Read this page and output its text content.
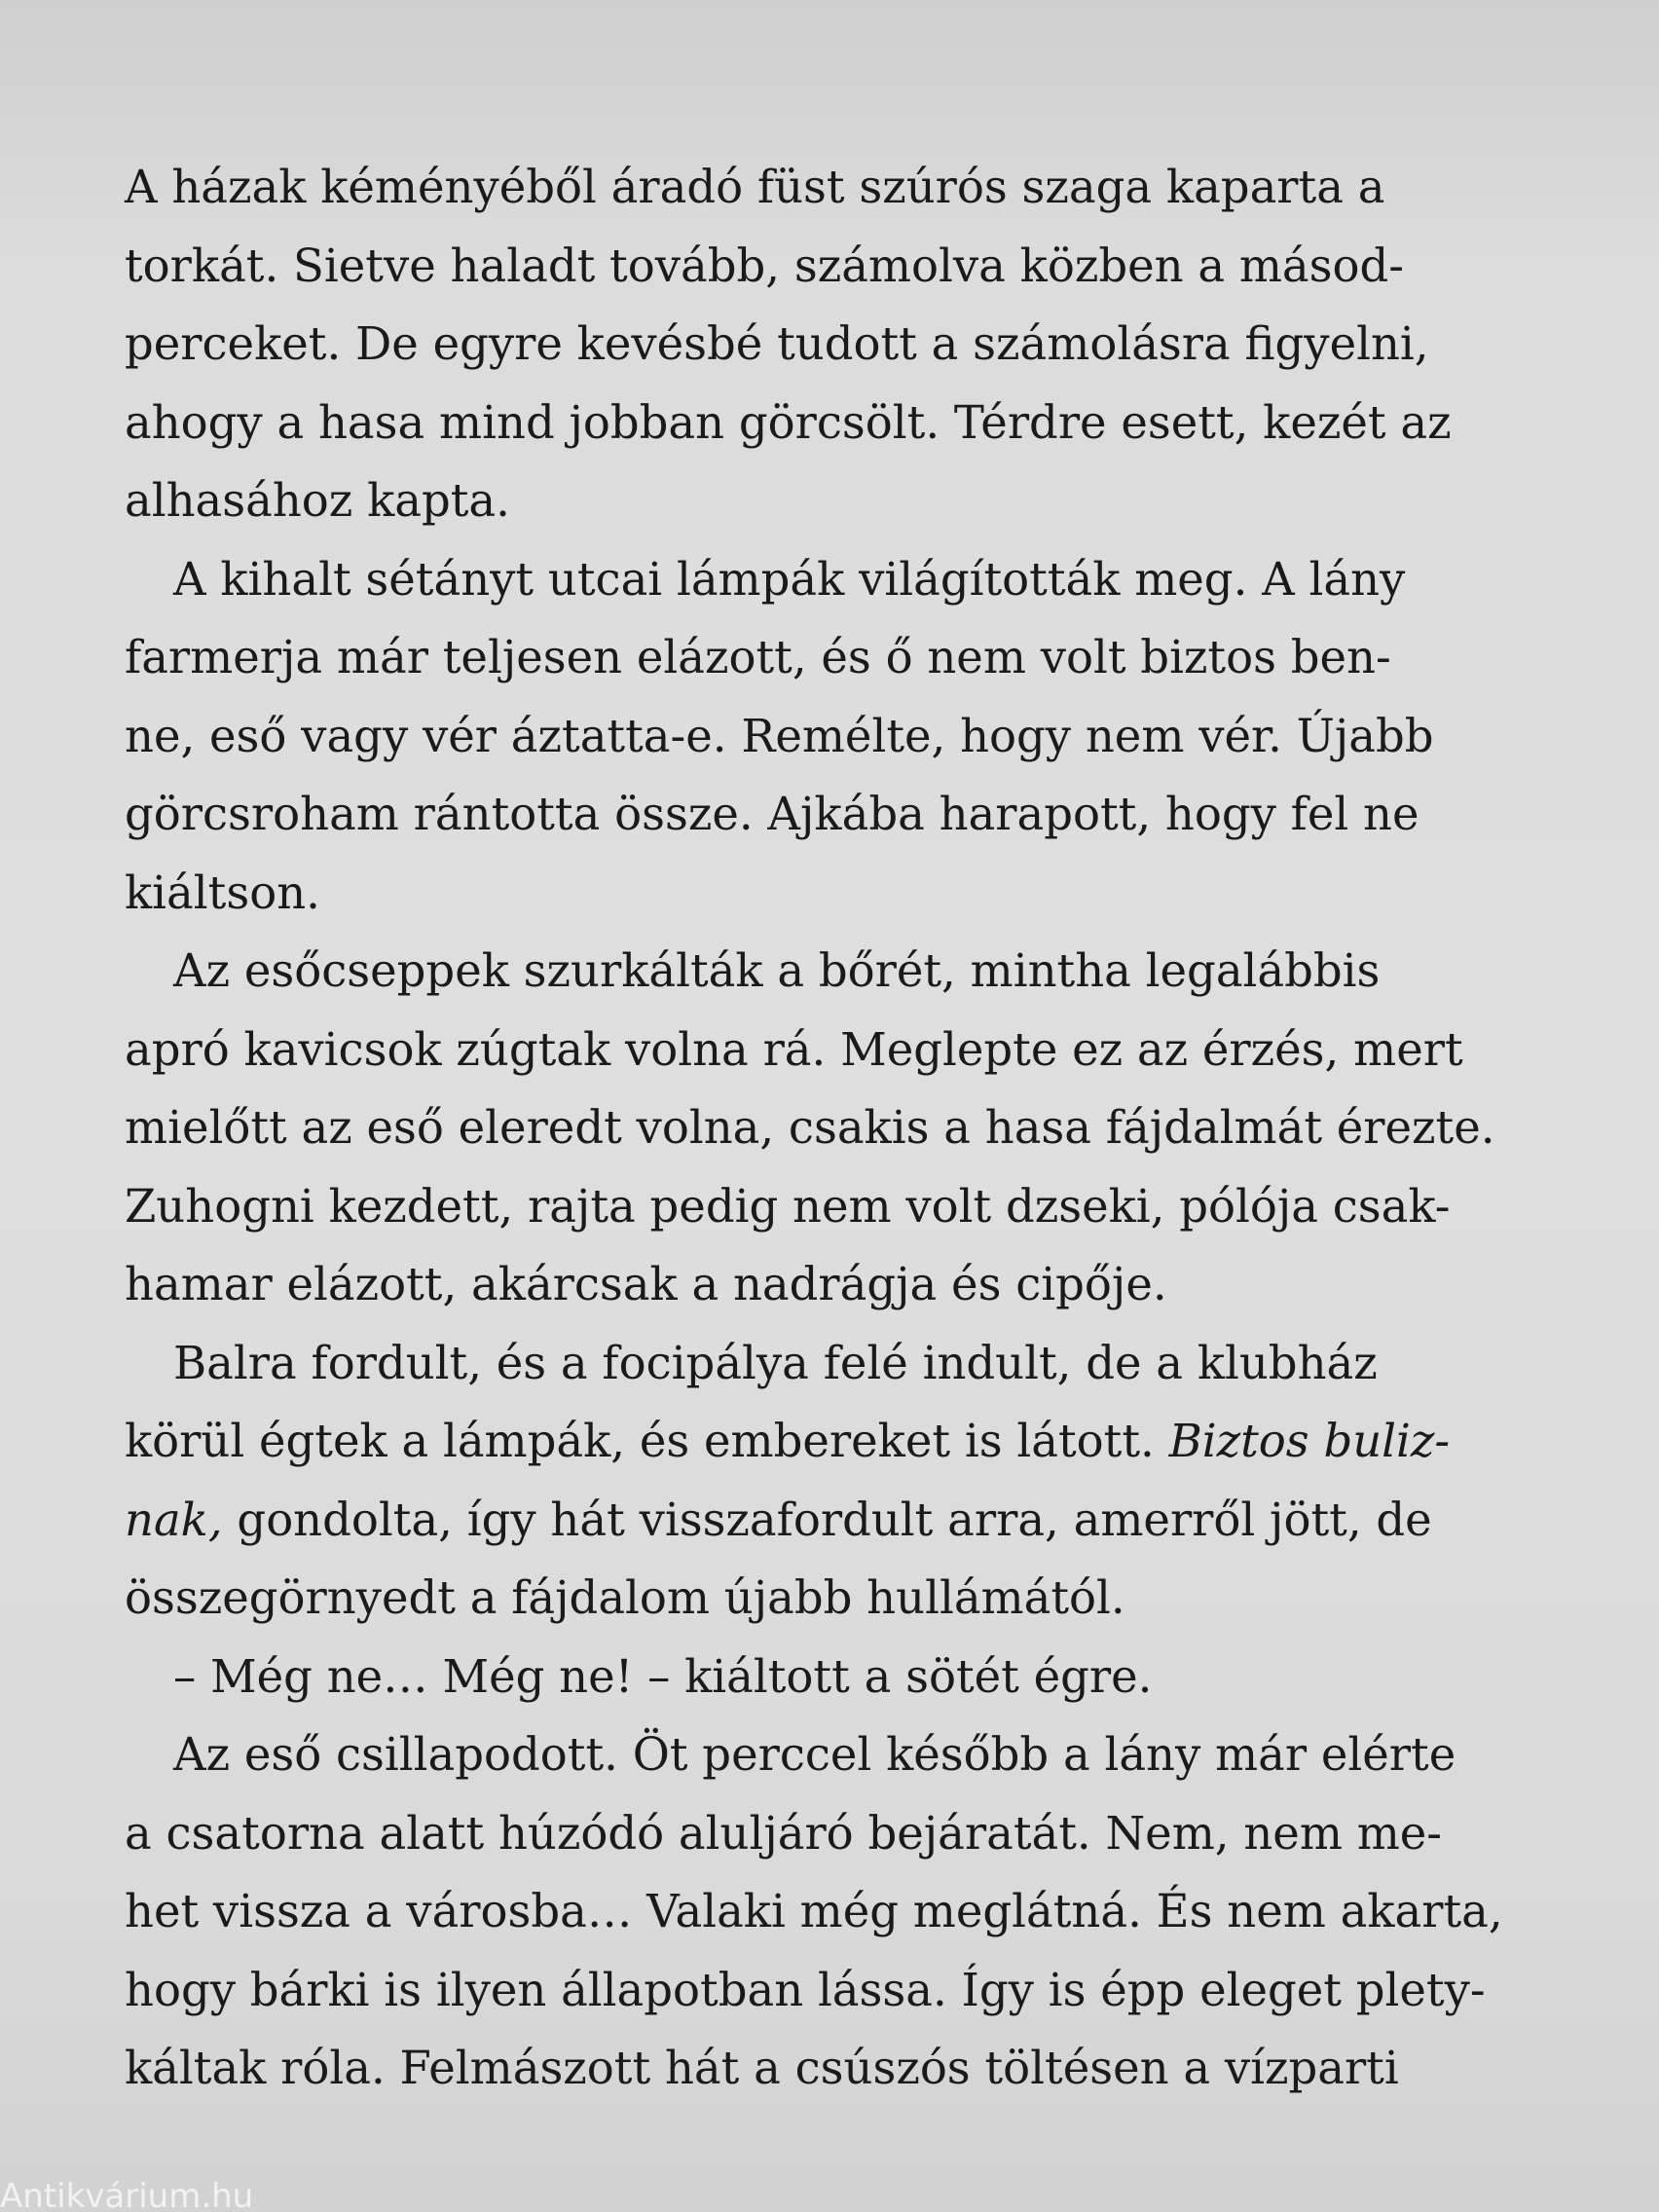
A házak kéményéből áradó füst szúrós szaga kaparta a
torkát. Sietve haladt tovább, számolva közben a másod-
perceket. De egyre kevésbé tudott a számolásra figyelni,
ahogy a hasa mind jobban görcsölt. Térdre esett, kezét az
alhasához kapta.
A kihalt sétányt utcai lámpák világították meg. A lány
farmerja már teljesen elázott, és ő nem volt biztos ben-
ne, eső vagy vér áztatta-e. Remélte, hogy nem vér. Újabb
görcsroham rántotta össze. Ajkába harapott, hogy fel ne
kiáltson.
Az esőcseppek szurkálták a bőrét, mintha legalábbis
apró kavicsok zúgtak volna rá. Meglepte ez az érzés, mert
mielőtt az eső eleredt volna, csakis a hasa fájdalmát érezte.
Zuhogni kezdett, rajta pedig nem volt dzseki, pólója csak-
hamar elázott, akárcsak a nadrágja és cipője.
Balra fordult, és a focipálya felé indult, de a klubház
körül égtek a lámpák, és embereket is látott. Biztos buliz-
nak, gondolta, így hát visszafordult arra, amerről jött, de
összegörnyedt a fájdalom újabb hullámától.
– Még ne… Még ne! – kiáltott a sötét égre.
Az eső csillapodott. Öt perccel később a lány már elérte
a csatorna alatt húzódó aluljáró bejáratát. Nem, nem me-
het vissza a városba… Valaki még meglátná. És nem akarta,
hogy bárki is ilyen állapotban lássa. Így is épp eleget plety-
káltak róla. Felmászott hát a csúszós töltésen a vízparti
Antikvárium.hu
